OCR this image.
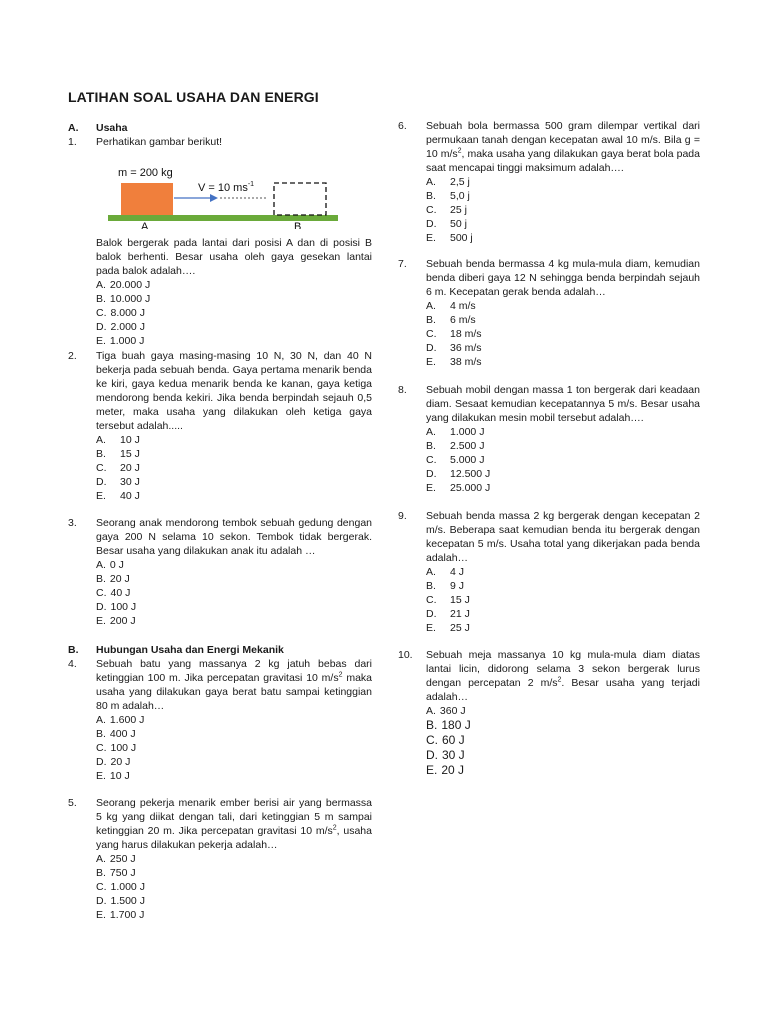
LATIHAN SOAL USAHA DAN ENERGI
A.	Usaha
1.	Perhatikan gambar berikut!
m = 200 kg
V = 10 $ms^{-1}$
A	B
Balok bergerak pada lantai dari posisi A dan di posisi B balok berhenti. Besar usaha oleh gaya gesekan lantai pada balok adalah….
A. 20.000 J
B. 10.000 J
C. 8.000 J
D. 2.000 J
E. 1.000 J
2.	Tiga buah gaya masing-masing 10 N, 30 N, dan 40 N bekerja pada sebuah benda. Gaya pertama menarik benda ke kiri, gaya kedua menarik benda ke kanan, gaya ketiga mendorong benda kekiri. Jika benda berpindah sejauh 0,5 meter, maka usaha yang dilakukan oleh ketiga gaya tersebut adalah.....
A.	10 J
B.	15 J
C.	20 J
D.	30 J
E.	40 J
3.	Seorang anak mendorong tembok sebuah gedung dengan gaya 200 N selama 10 sekon. Tembok tidak bergerak. Besar usaha yang dilakukan anak itu adalah …
A. 0 J
B. 20 J
C. 40 J
D. 100 J
E. 200 J
B.	Hubungan Usaha dan Energi Mekanik
4.	Sebuah batu yang massanya 2 kg jatuh bebas dari ketinggian 100 m. Jika percepatan gravitasi 10 $m/s^2$ maka usaha yang dilakukan gaya berat batu sampai ketinggian 80 m adalah…
A. 1.600 J
B. 400 J
C. 100 J
D. 20 J
E. 10 J
5.	Seorang pekerja menarik ember berisi air yang bermassa 5 kg yang diikat dengan tali, dari ketinggian 5 m sampai ketinggian 20 m. Jika percepatan gravitasi 10 $m/s^2$, usaha yang harus dilakukan pekerja adalah…
A. 250 J
B. 750 J
C. 1.000 J
D. 1.500 J
E. 1.700 J
6.	Sebuah bola bermassa 500 gram dilempar vertikal dari permukaan tanah dengan kecepatan awal 10 m/s. Bila g = 10 $m/s^2$, maka usaha yang dilakukan gaya berat bola pada saat mencapai tinggi maksimum adalah….
A.	2,5 j
B.	5,0 j
C.	25 j
D.	50 j
E.	500 j
7.	Sebuah benda bermassa 4 kg mula-mula diam, kemudian benda diberi gaya 12 N sehingga benda berpindah sejauh 6 m. Kecepatan gerak benda adalah…
A.	4 m/s
B.	6 m/s
C.	18 m/s
D.	36 m/s
E.	38 m/s
8.	Sebuah mobil dengan massa 1 ton bergerak dari keadaan diam. Sesaat kemudian kecepatannya 5 m/s. Besar usaha yang dilakukan mesin mobil tersebut adalah….
A.	1.000 J
B.	2.500 J
C.	5.000 J
D.	12.500 J
E.	25.000 J
9.	Sebuah benda massa 2 kg bergerak dengan kecepatan 2 m/s. Beberapa saat kemudian benda itu bergerak dengan kecepatan 5 m/s. Usaha total yang dikerjakan pada benda adalah…
A.	4 J
B.	9 J
C.	15 J
D.	21 J
E.	25 J
10.	Sebuah meja massanya 10 kg mula-mula diam diatas lantai licin, didorong selama 3 sekon bergerak lurus dengan percepatan 2 $m/s^2$. Besar usaha yang terjadi adalah…
A. 360 J
B. 180 J
C. 60 J
D. 30 J
E. 20 J
